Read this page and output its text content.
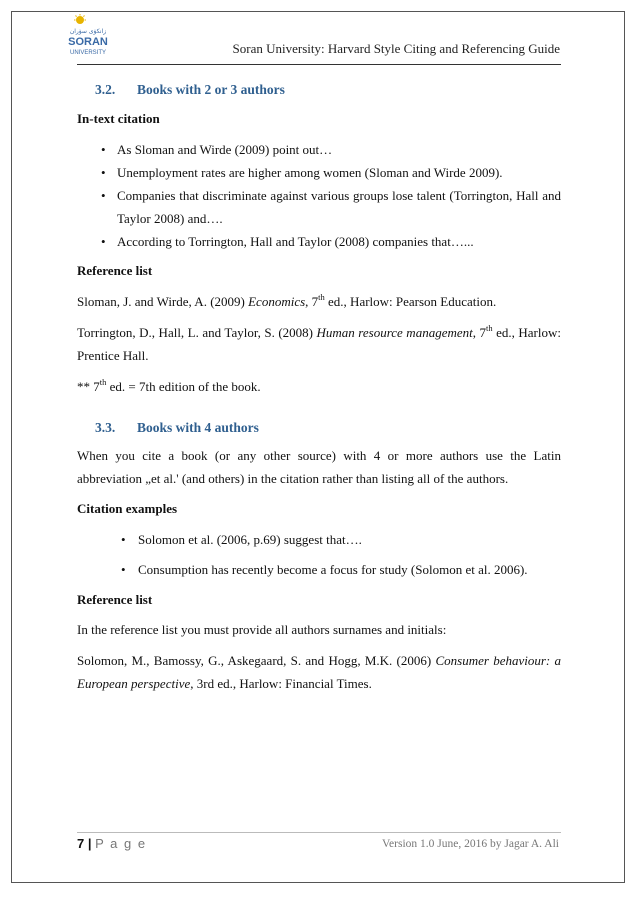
زانكۆی سۆران
SORAN
UNIVERSITY	Soran University: Harvard Style Citing and Referencing Guide
3.2. Books with 2 or 3 authors
In-text citation
• As Sloman and Wirde (2009) point out…
• Unemployment rates are higher among women (Sloman and Wirde 2009).
• Companies that discriminate against various groups lose talent (Torrington, Hall and Taylor 2008) and….
• According to Torrington, Hall and Taylor (2008) companies that…...
Reference list
Sloman, J. and Wirde, A. (2009) Economics, 7th ed., Harlow: Pearson Education.
Torrington, D., Hall, L. and Taylor, S. (2008) Human resource management, 7th ed., Harlow: Prentice Hall.
** 7th ed. = 7th edition of the book.
3.3. Books with 4 authors
When you cite a book (or any other source) with 4 or more authors use the Latin abbreviation „et al.' (and others) in the citation rather than listing all of the authors.
Citation examples
• Solomon et al. (2006, p.69) suggest that….
• Consumption has recently become a focus for study (Solomon et al. 2006).
Reference list
In the reference list you must provide all authors surnames and initials:
Solomon, M., Bamossy, G., Askegaard, S. and Hogg, M.K. (2006) Consumer behaviour: a European perspective, 3rd ed., Harlow: Financial Times.
7 | P a g e	Version 1.0 June, 2016 by Jagar A. Ali
